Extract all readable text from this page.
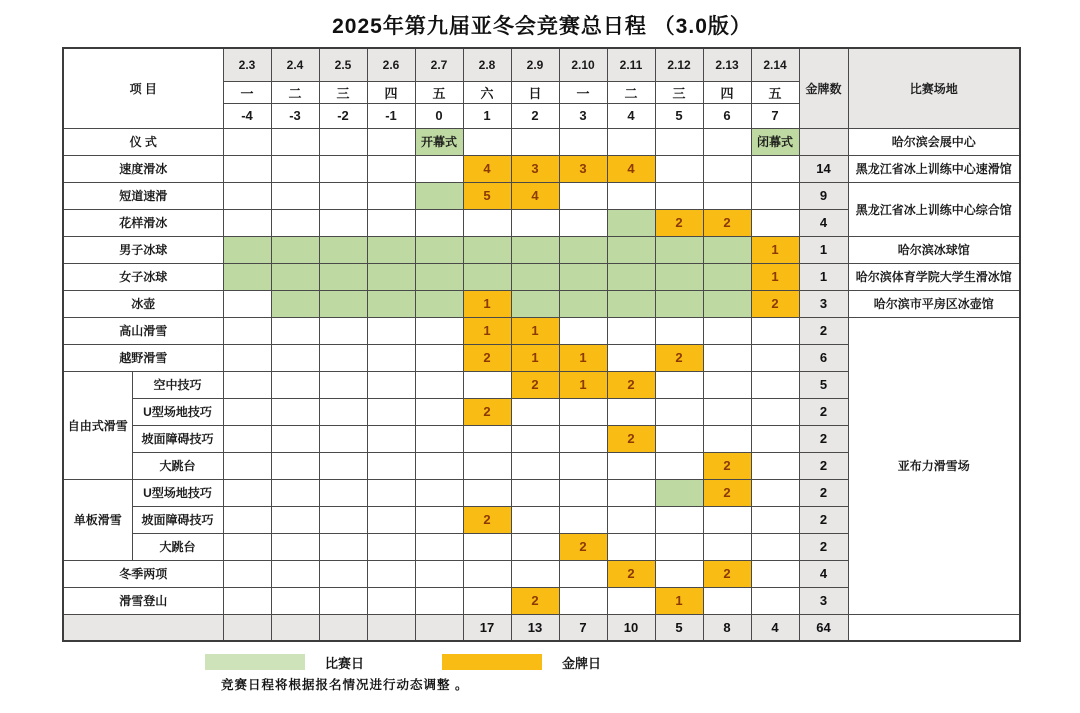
2025年第九届亚冬会竞赛总日程 （3.0版）
项 目		2.3	2.4	2.5	2.6	2.7	2.8	2.9	2.10	2.11	2.12	2.13	2.14	金牌数	比赛场地
		一	二	三	四	五	六	日	一	二	三	四	五		
		-4	-3	-2	-1	0	1	2	3	4	5	6	7		
仪 式						开幕式							闭幕式		哈尔滨会展中心
速度滑冰							4	3	3	4				14	黑龙江省冰上训练中心速滑馆
短道速滑							5	4						9	黑龙江省冰上训练中心综合馆
花样滑冰											2	2		4	
男子冰球													1	1	哈尔滨冰球馆
女子冰球													1	1	哈尔滨体育学院大学生滑冰馆
冰壶							1						2	3	哈尔滨市平房区冰壶馆
高山滑雪							1	1						2	亚布力滑雪场
越野滑雪							2	1	1		2			6	
自由式滑雪	空中技巧							2	1	2				5	
	U型场地技巧						2							2	
	坡面障碍技巧									2				2	
	大跳台											2		2	
单板滑雪	U型场地技巧											2		2	
	坡面障碍技巧						2							2	
	大跳台								2					2	
冬季两项										2		2		4	
滑雪登山								2			1			3	
							17	13	7	10	5	8	4	64	
比赛日	金牌日
竞赛日程将根据报名情况进行动态调整 。
